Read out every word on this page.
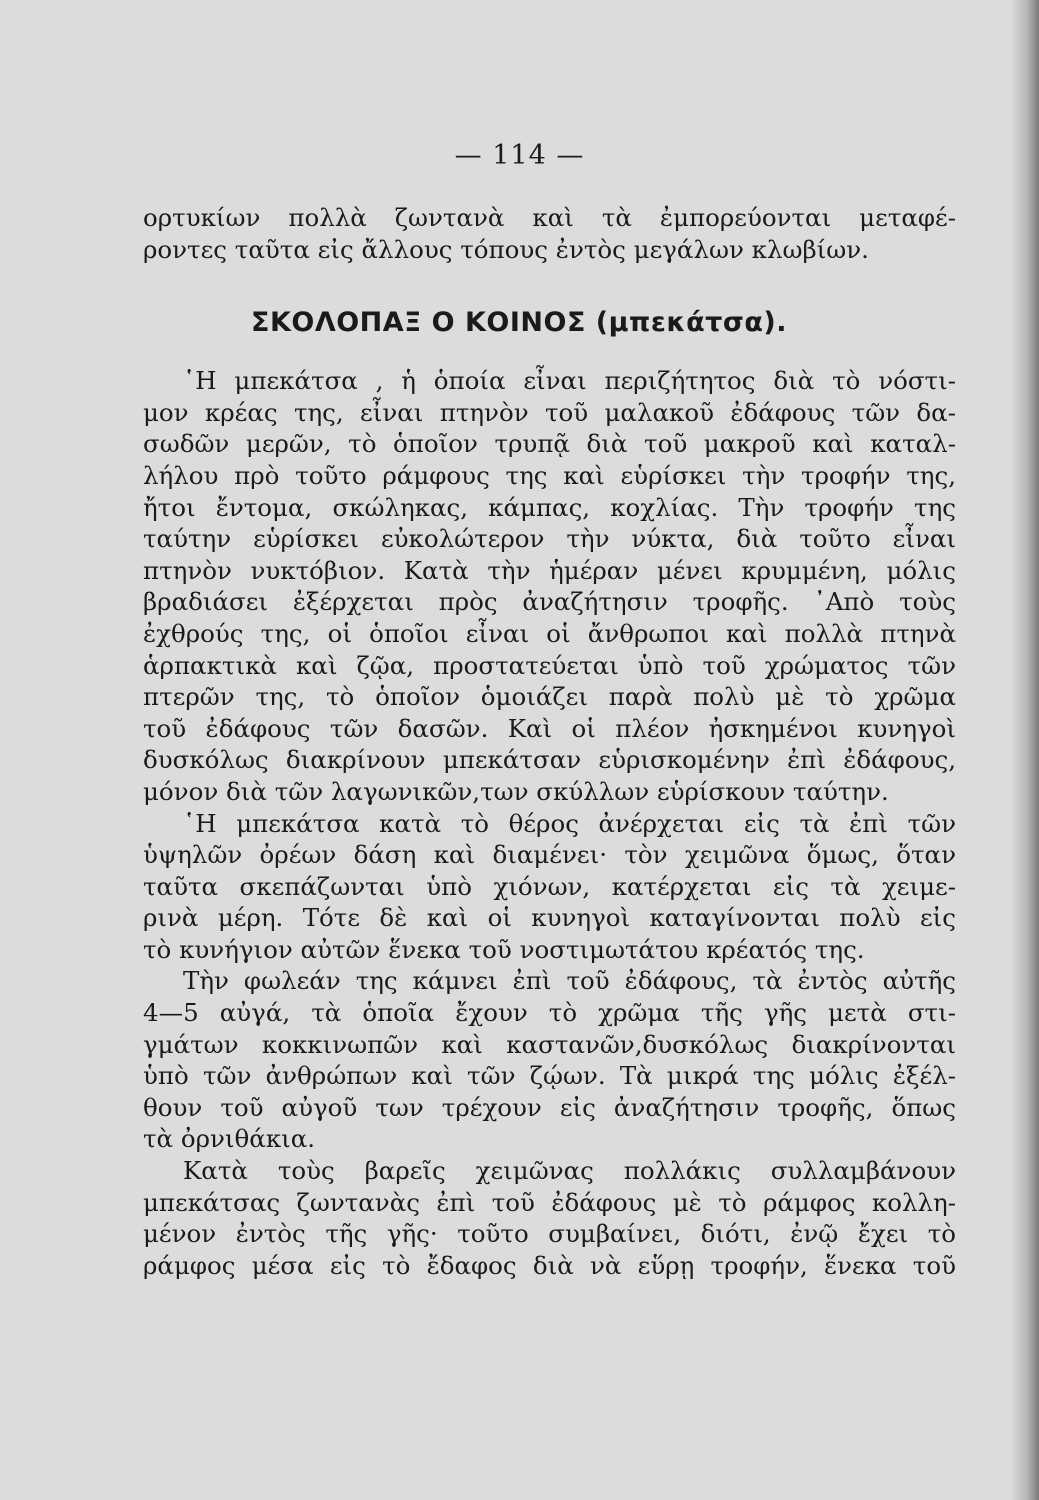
— 114 —
ορτυκίων πολλὰ ζωντανὰ καὶ τὰ ἐμπορεύονται μεταφέ-
ροντες ταῦτα εἰς ἄλλους τόπους ἐντὸς μεγάλων κλωβίων.
ΣΚΟΛΟΠΑΞ Ο ΚΟΙΝΟΣ (μπεκάτσα).
῾Η μπεκάτσα , ἡ ὁποία εἶναι περιζήτητος διὰ τὸ νόστι-
μον κρέας της, εἶναι πτηνὸν τοῦ μαλακοῦ ἐδάφους τῶν δα-
σωδῶν μερῶν, τὸ ὁποῖον τρυπᾷ διὰ τοῦ μακροῦ καὶ καταλ-
λήλου πρὸ τοῦτο ράμφους της καὶ εὑρίσκει τὴν τροφήν της,
ἤτοι ἔντομα, σκώληκας, κάμπας, κοχλίας. Τὴν τροφήν της
ταύτην εὑρίσκει εὐκολώτερον τὴν νύκτα, διὰ τοῦτο εἶναι
πτηνὸν νυκτόβιον. Κατὰ τὴν ἡμέραν μένει κρυμμένη, μόλις
βραδιάσει ἐξέρχεται πρὸς ἀναζήτησιν τροφῆς. ᾿Απὸ τοὺς
ἐχθρούς της, οἱ ὁποῖοι εἶναι οἱ ἄνθρωποι καὶ πολλὰ πτηνὰ
ἁρπακτικὰ καὶ ζῷα, προστατεύεται ὑπὸ τοῦ χρώματος τῶν
πτερῶν της, τὸ ὁποῖον ὁμοιάζει παρὰ πολὺ μὲ τὸ χρῶμα
τοῦ ἐδάφους τῶν δασῶν. Καὶ οἱ πλέον ἠσκημένοι κυνηγοὶ
δυσκόλως διακρίνουν μπεκάτσαν εὑρισκομένην ἐπὶ ἐδάφους,
μόνον διὰ τῶν λαγωνικῶν,των σκύλλων εὑρίσκουν ταύτην.
῾Η μπεκάτσα κατὰ τὸ θέρος ἀνέρχεται εἰς τὰ ἐπὶ τῶν
ὑψηλῶν ὀρέων δάση καὶ διαμένει· τὸν χειμῶνα ὅμως, ὅταν
ταῦτα σκεπάζωνται ὑπὸ χιόνων, κατέρχεται εἰς τὰ χειμε-
ρινὰ μέρη. Τότε δὲ καὶ οἱ κυνηγοὶ καταγίνονται πολὺ εἰς
τὸ κυνήγιον αὐτῶν ἕνεκα τοῦ νοστιμωτάτου κρέατός της.
Τὴν φωλεάν της κάμνει ἐπὶ τοῦ ἐδάφους, τὰ ἐντὸς αὐτῆς
4—5 αὐγά, τὰ ὁποῖα ἔχουν τὸ χρῶμα τῆς γῆς μετὰ στι-
γμάτων κοκκινωπῶν καὶ καστανῶν,δυσκόλως διακρίνονται
ὑπὸ τῶν ἀνθρώπων καὶ τῶν ζῴων. Τὰ μικρά της μόλις ἐξέλ-
θουν τοῦ αὐγοῦ των τρέχουν εἰς ἀναζήτησιν τροφῆς, ὅπως
τὰ ὀρνιθάκια.
Κατὰ τοὺς βαρεῖς χειμῶνας πολλάκις συλλαμβάνουν
μπεκάτσας ζωντανὰς ἐπὶ τοῦ ἐδάφους μὲ τὸ ράμφος κολλη-
μένον ἐντὸς τῆς γῆς· τοῦτο συμβαίνει, διότι, ἐνῷ ἔχει τὸ
ράμφος μέσα εἰς τὸ ἔδαφος διὰ νὰ εὕρῃ τροφήν, ἕνεκα τοῦ
